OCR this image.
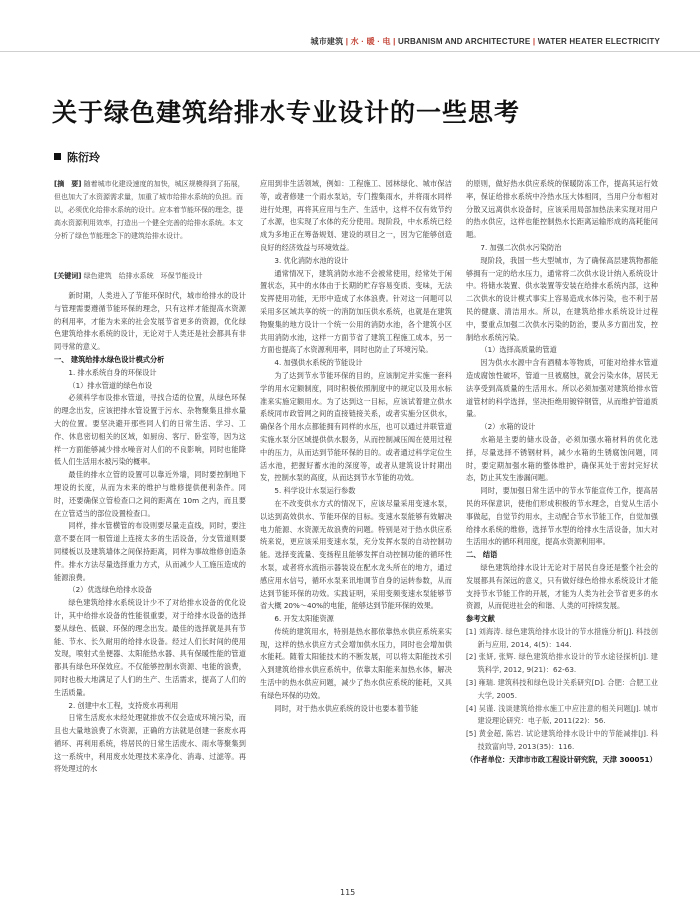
城市建筑 | 水 · 暖 · 电 | URBANISM AND ARCHITECTURE | WATER HEATER ELECTRICITY
关于绿色建筑给排水专业设计的一些思考
陈衍玲
[摘　要] 随着城市化建设速度的加快，城区规模得到了拓展，但也加大了水资源需求量，加重了城市给排水系统的负担。而以，必须优化给排水系统的设计。应本着节能环保的理念，提高水资源利用效率，打造出一个健全完善的给排水系统。本文分析了绿色节能理念下的建筑给排水设计。
[关键词] 绿色建筑　给排水系统　环保节能设计

新时期，人类进入了节能环保时代，城市给排水的设计与管理需要遵循节能环保的理念，只有这样才能提高水资源的利用率，才能为未来的社会发展节省更多的资源，优化绿色建筑给排水系统的设计，无论对于人类还是社会都具有非同寻常的意义。

一、 建筑给排水绿色设计模式分析

1. 排水系统自身的环保设计

（1）排水管道的绿色布设

必须科学布设排水管道，寻找合适的位置，从绿色环保的理念出发，应该把排水管设置于污水、杂物聚集且排水量大的位置。要坚决避开那些同人们的日常生活、学习、工作、休息密切相关的区域，如厨房、客厅、卧室等，因为这样一方面能够减少排水噪音对人们的不良影响，同时也能降低人们生活用水被污染的概率。

最佳的排水立管的设置可以靠近外墙，同时要控制地下埋设的长度，从而为未来的维护与维修提供便利条件。同时，还要确保立管检查口之间的距离在 10m 之内，而且要在立管适当的部位设置检查口。

同样，排水管横管的布设则要尽量走直线，同时，要注意不要在同一根管道上连接太多的生活设备，分支管道则要同楼板以及建筑墙体之间保持距离，同样为事故维修创造条件。排水方法尽量选择重力方式，从而减少人工施压造成的能源浪费。

（2）优选绿色给排水设备

绿色建筑给排水系统设计少不了对给排水设备的优化设计，其中给排水设备的性能很重要，对于给排水设备的选择要从绿色、低碳、环保的理念出发。最佳的选择就是具有节能、节水、长久耐用的给排水设备。经过人们长时间的使用发现，喷射式坐便器、太阳能热水器、具有保暖性能的管道都具有绿色环保效应。不仅能够控制水资源、电能的浪费，同时也极大地满足了人们的生产、生活需求，提高了人们的生活质量。

2. 创建中水工程，支持废水再利用

日常生活废水未经处理就排放不仅会造成环境污染，而且也大量地浪费了水资源，正确的方法就是创建一套废水再循环、再利用系统，将居民的日常生活废水、雨水等聚集到这一系统中，利用废水处理技术来净化、消毒、过滤等。再将处理过的水

应用到非生活领域，例如：工程施工、园林绿化、城市保洁等，或者修建一个雨水泵站，专门搜集雨水，并将雨水同样进行处理，再将其应用与生产、生活中，这样不仅有效节约了水源，也实现了水体的充分使用。现阶段，中水系统已经成为多地正在筹备规划、建设的项目之一，因为它能够创造良好的经济效益与环境效益。

3. 优化消防水池的设计

通常情况下，建筑消防水池不会被常使用，经常处于闲置状态，其中的水体由于长期的贮存容易变质、变味，无法发挥使用功能，无形中造成了水体浪费。针对这一问题可以采用多区域共享的统一的消防加压供水系统，也就是在建筑物聚集的地方设计一个统一公用的消防水池，各个建筑小区共用消防水池，这样一方面节省了建筑工程施工成本，另一方面也提高了水资源利用率，同时也防止了环境污染。

4. 加强供水系统的节能设计

为了达到节水节能环保的目的，应该制定并实施一套科学的用水定额制度，同时积极依照制度中的规定以及用水标准来实施定额用水。为了达到这一目标，应该试着建立供水系统同市政管网之间的直接链接关系，或者实施分区供水，确保各个用水点都能拥有同样的水压，也可以通过并联管道实施水泵分区域提供供水服务，从而控制减压阀在使用过程中的压力，从而达到节能环保的目的。或者通过科学定位生活水池，把握好蓄水池的深度等，或者从建筑设计时期出发，控制水泵的高度，从而达到节水节能的功效。

5. 科学设计水泵运行参数

在不改变供水方式的情况下，应该尽量采用变速水泵，以达到高效供水、节能环保的目标。变速水泵能够有效解决电力能源、水资源无故浪费的问题。特别是对于热水供应系统来说，更应该采用变速水泵，充分发挥水泵的自动控制功能。选择变流量、变扬程且能够发挥自动控制功能的循环性水泵，或者将水流指示器装设在配水龙头所在的地方，通过感应用水信号，循环水泵来讯地调节自身的运转参数，从而达到节能环保的功效。实践证明，采用变频变速水泵能够节省大概 20%～40%的电能，能够达到节能环保的效果。

6. 开发太阳能资源

传统的建筑用水，特别是热水都依靠热水供应系统来实现，这样的热水供应方式会增加供水压力，同时也会增加供水能耗。随着太阳能技术的不断发展，可以将太阳能技术引入到建筑给排水供应系统中，依靠太阳能来加热水体，解决生活中的热水供应问题，减少了热水供应系统的能耗，又具有绿色环保的功效。

同时，对于热水供应系统的设计也要本着节能

的原则，做好热水供应系统的保暖防冻工作，提高其运行效率，保证给排水系统中冷热水压大体相同，当用户分布相对分散又远离供水设备时，应该采用局部加热法来实现对用户的热水供应，这样也能控制热水长距离运输形成的高耗能问题。

7. 加强二次供水污染防治

现阶段，我国一些大型城市，为了确保高层建筑物都能够拥有一定的给水压力，通常将二次供水设计纳入系统设计中。将储水装置、供水装置等安装在给排水系统内部，这种二次供水的设计模式事实上容易造成水体污染，也不利于居民的健康、清洁用水。所以，在建筑给排水系统设计过程中，要重点加强二次供水污染的防治，要从多方面出发，控制给水系统污染。

（1）选择高质量的管道

因为供水水源中含有酒精本等物质，可能对给排水管道造成腐蚀性破坏，管道一旦被腐蚀，就会污染水体，居民无法享受到高质量的生活用水。所以必须加强对建筑给排水管道管材的科学选择，坚决拒绝用镀锌钢管，从而维护管道质量。

（2）水箱的设计

水箱是主要的储水设备，必须加强水箱材料的优化选择，尽量选择不锈钢材料，减少水箱的生锈腐蚀问题，同时，要定期加强水箱的整体维护，确保其处于密封完好状态，防止其发生渗漏问题。

同时，要加强日常生活中的节水节能宣传工作，提高居民的环保意识，使他们形成积极的节水理念，自觉从生活小事做起，自觉节约用水，主动配合节水节能工作，自觉加强给排水系统的维修，选择节水型的给排水生活设备，加大对生活用水的循环利用度，提高水资源利用率。

二、 结语

绿色建筑给排水设计无论对于居民自身还是整个社会的发展都具有深远的意义，只有做好绿色给排水系统设计才能支持节水节能工作的开展，才能为人类为社会节省更多的水资源，从而促进社会的和谐、人类的可持续发展。

参考文献

[1] 刘海涛. 绿色建筑给排水设计的节水措施分析[J]. 科技创新与应用, 2014, 4(5)：144.

[2] 张妍, 张辉. 绿色建筑给排水设计的节水途径探析[J]. 建筑科学, 2012, 9(21)：62-63.

[3] 雍瑞. 建筑科技和绿色设计关系研究[D]. 合肥：合肥工业大学, 2005.

[4] 吴谨. 浅谈建筑给排水施工中应注意的相关问题[J]. 城市建设理论研究：电子版, 2011(22)：56.

[5] 黄金超, 陈岩. 试论建筑给排水设计中的节能减排[J]. 科技致富向导, 2013(35)：116.

（作者单位：天津市市政工程设计研究院，天津 300051）

115
